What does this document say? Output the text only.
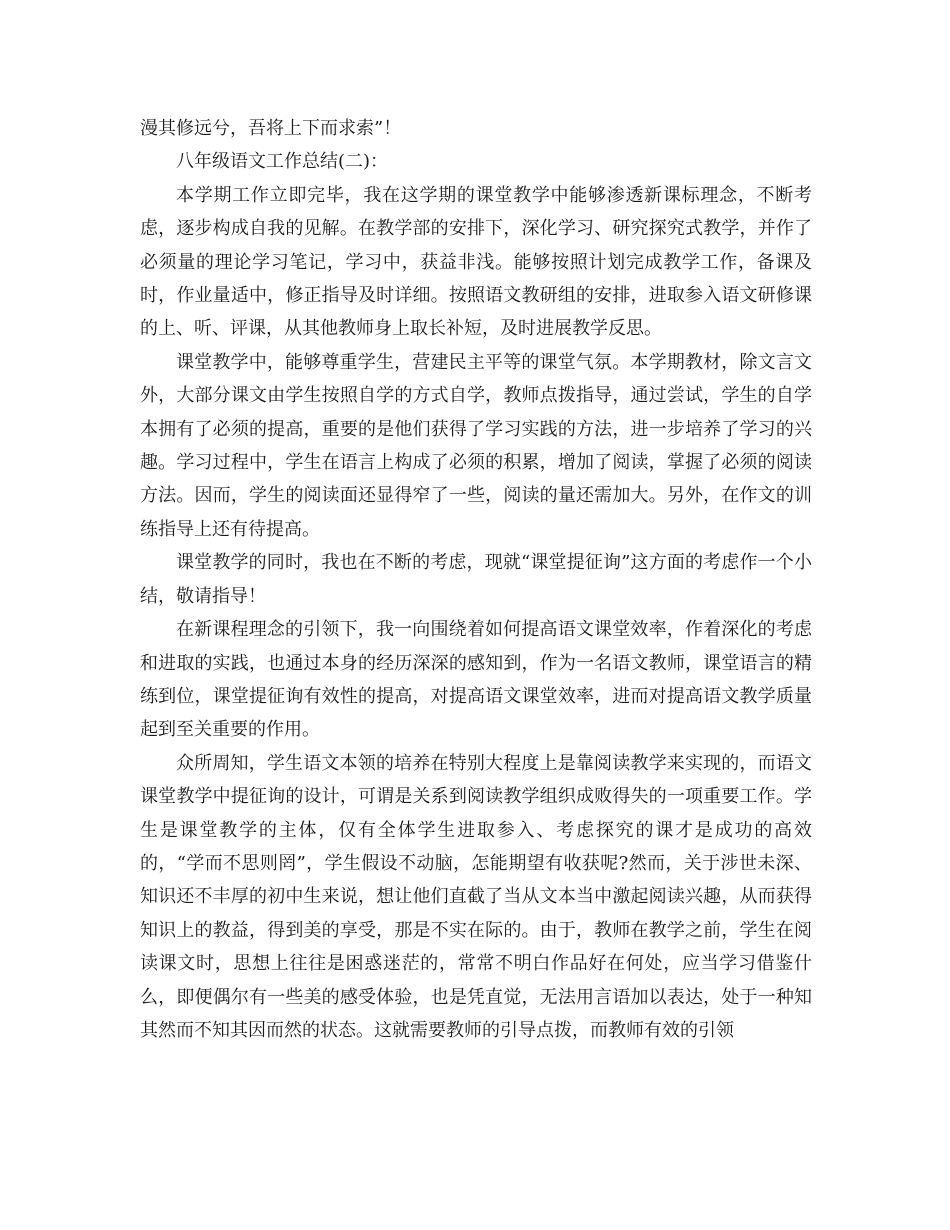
漫其修远兮，吾将上下而求索”！

八年级语文工作总结(二)：

本学期工作立即完毕，我在这学期的课堂教学中能够渗透新课标理念，不断考虑，逐步构成自我的见解。在教学部的安排下，深化学习、研究探究式教学，并作了必须量的理论学习笔记，学习中，获益非浅。能够按照计划完成教学工作，备课及时，作业量适中，修正指导及时详细。按照语文教研组的安排，进取参入语文研修课的上、听、评课，从其他教师身上取长补短，及时进展教学反思。

课堂教学中，能够尊重学生，营建民主平等的课堂气氛。本学期教材，除文言文外，大部分课文由学生按照自学的方式自学，教师点拨指导，通过尝试，学生的自学本拥有了必须的提高，重要的是他们获得了学习实践的方法，进一步培养了学习的兴趣。学习过程中，学生在语言上构成了必须的积累，增加了阅读，掌握了必须的阅读方法。因而，学生的阅读面还显得窄了一些，阅读的量还需加大。另外，在作文的训练指导上还有待提高。

课堂教学的同时，我也在不断的考虑，现就“课堂提征询”这方面的考虑作一个小结，敬请指导！

在新课程理念的引领下，我一向围绕着如何提高语文课堂效率，作着深化的考虑和进取的实践，也通过本身的经历深深的感知到，作为一名语文教师，课堂语言的精练到位，课堂提征询有效性的提高，对提高语文课堂效率，进而对提高语文教学质量起到至关重要的作用。

众所周知，学生语文本领的培养在特别大程度上是靠阅读教学来实现的，而语文课堂教学中提征询的设计，可谓是关系到阅读教学组织成败得失的一项重要工作。学生是课堂教学的主体，仅有全体学生进取参入、考虑探究的课才是成功的高效的，“学而不思则罔”，学生假设不动脑，怎能期望有收获呢?然而，关于涉世未深、知识还不丰厚的初中生来说，想让他们直截了当从文本当中激起阅读兴趣，从而获得知识上的教益，得到美的享受，那是不实在际的。由于，教师在教学之前，学生在阅读课文时，思想上往往是困惑迷茫的，常常不明白作品好在何处，应当学习借鉴什么，即便偶尔有一些美的感受体验，也是凭直觉，无法用言语加以表达，处于一种知其然而不知其因而然的状态。这就需要教师的引导点拨，而教师有效的引领
